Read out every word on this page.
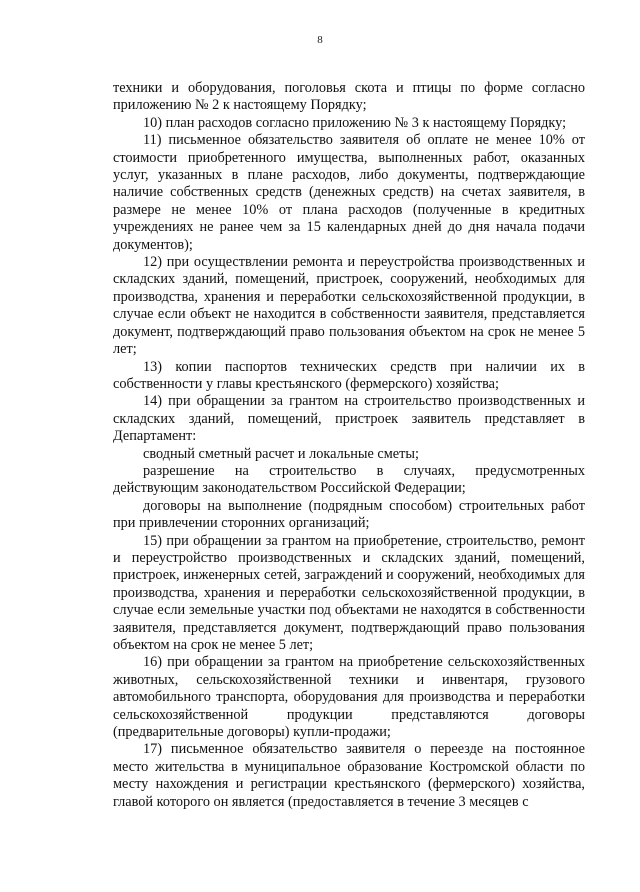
8

техники и оборудования, поголовья скота и птицы по форме согласно приложению № 2 к настоящему Порядку;

10) план расходов согласно приложению № 3 к настоящему Порядку;

11) письменное обязательство заявителя об оплате не менее 10% от стоимости приобретенного имущества, выполненных работ, оказанных услуг, указанных в плане расходов, либо документы, подтверждающие наличие собственных средств (денежных средств) на счетах заявителя, в размере не менее 10% от плана расходов (полученные в кредитных учреждениях не ранее чем за 15 календарных дней до дня начала подачи документов);

12) при осуществлении ремонта и переустройства производственных и складских зданий, помещений, пристроек, сооружений, необходимых для производства, хранения и переработки сельскохозяйственной продукции, в случае если объект не находится в собственности заявителя, представляется документ, подтверждающий право пользования объектом на срок не менее 5 лет;

13) копии паспортов технических средств при наличии их в собственности у главы крестьянского (фермерского) хозяйства;

14) при обращении за грантом на строительство производственных и складских зданий, помещений, пристроек заявитель представляет в Департамент:

сводный сметный расчет и локальные сметы;

разрешение на строительство в случаях, предусмотренных действующим законодательством Российской Федерации;

договоры на выполнение (подрядным способом) строительных работ при привлечении сторонних организаций;

15) при обращении за грантом на приобретение, строительство, ремонт и переустройство производственных и складских зданий, помещений, пристроек, инженерных сетей, заграждений и сооружений, необходимых для производства, хранения и переработки сельскохозяйственной продукции, в случае если земельные участки под объектами не находятся в собственности заявителя, представляется документ, подтверждающий право пользования объектом на срок не менее 5 лет;

16) при обращении за грантом на приобретение сельскохозяйственных животных, сельскохозяйственной техники и инвентаря, грузового автомобильного транспорта, оборудования для производства и переработки сельскохозяйственной продукции представляются договоры (предварительные договоры) купли-продажи;

17) письменное обязательство заявителя о переезде на постоянное место жительства в муниципальное образование Костромской области по месту нахождения и регистрации крестьянского (фермерского) хозяйства, главой которого он является (предоставляется в течение 3 месяцев с
